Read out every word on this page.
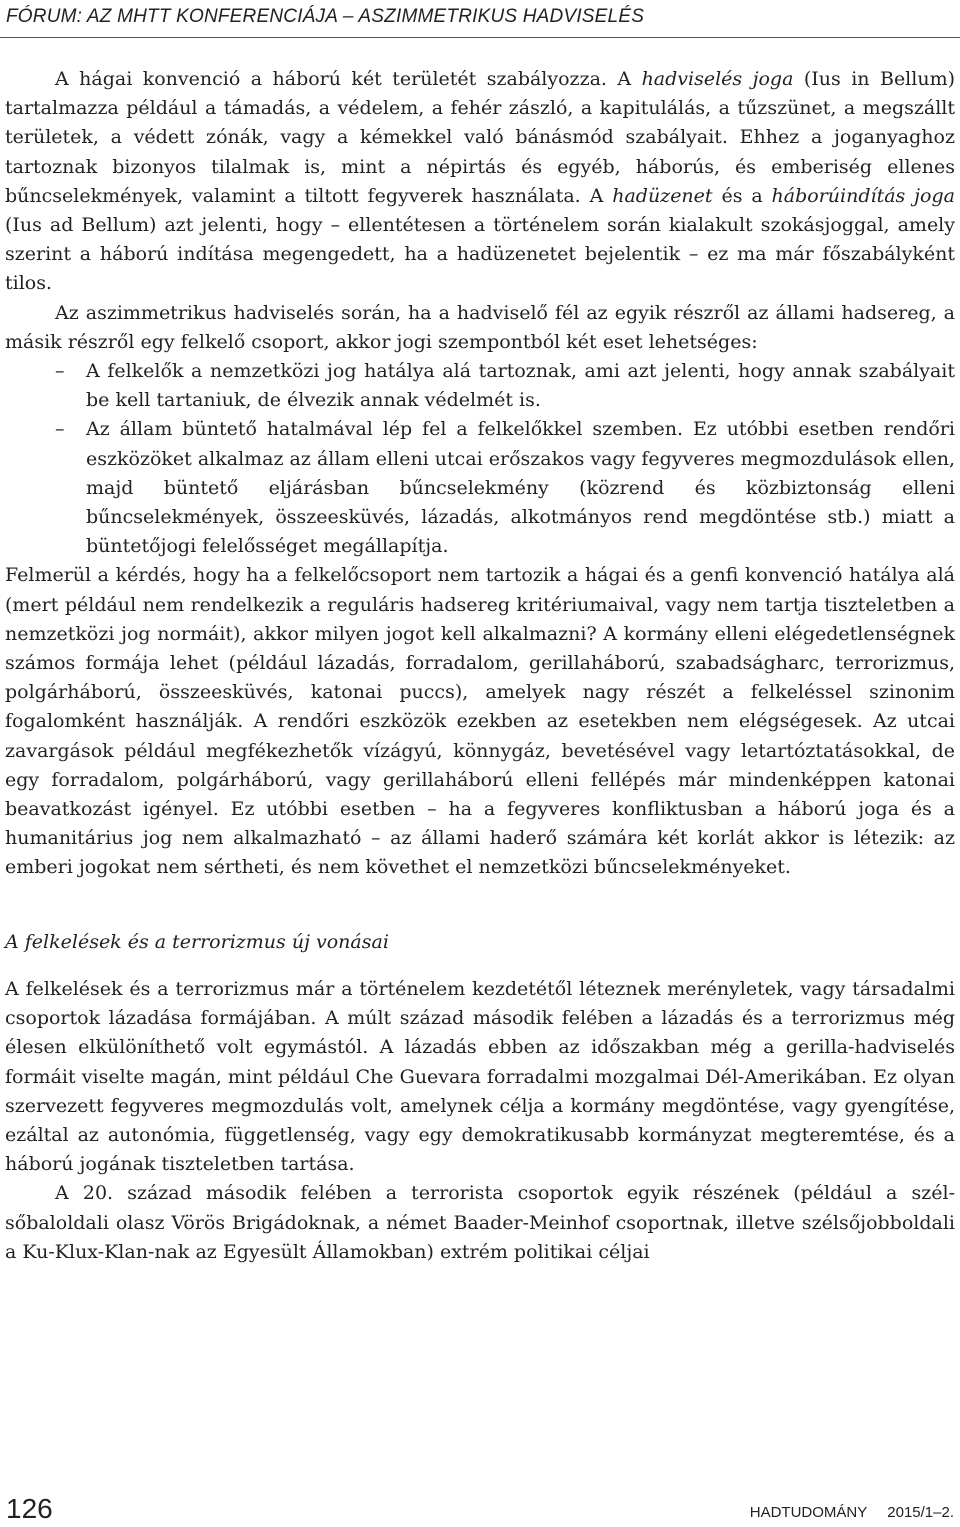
FÓRUM: AZ MHTT KONFERENCIÁJA – ASZIMMETRIKUS HADVISELÉS

A hágai konvenció a háború két területét szabályozza. A hadviselés joga (Ius in Bellum) tartalmazza például a támadás, a védelem, a fehér zászló, a kapitulálás, a tűzszünet, a megszállt területek, a védett zónák, vagy a kémekkel való bánásmód szabályait. Ehhez a joganyaghoz tartoznak bizonyos tilalmak is, mint a népirtás és egyéb, háborús, és emberiség ellenes bűncselekmények, valamint a tiltott fegyverek használata. A hadüzenet és a háborúindítás joga (Ius ad Bellum) azt jelenti, hogy – ellentétesen a történelem során kialakult szokásjoggal, amely szerint a háború indítása megengedett, ha a hadüzenetet bejelentik – ez ma már főszabályként tilos.

Az aszimmetrikus hadviselés során, ha a hadviselő fél az egyik részről az állami hadsereg, a másik részről egy felkelő csoport, akkor jogi szempontból két eset lehetséges:

– A felkelők a nemzetközi jog hatálya alá tartoznak, ami azt jelenti, hogy annak szabályait be kell tartaniuk, de élvezik annak védelmét is.
– Az állam büntető hatalmával lép fel a felkelőkkel szemben. Ez utóbbi esetben rendőri eszközöket alkalmaz az állam elleni utcai erőszakos vagy fegyveres megmozdulások ellen, majd büntető eljárásban bűncselekmény (közrend és közbiztonság elleni bűncselekmények, összeesküvés, lázadás, alkotmányos rend megdöntése stb.) miatt a büntetőjogi felelősséget megállapítja.

Felmerül a kérdés, hogy ha a felkelőcsoport nem tartozik a hágai és a genfi konvenció hatálya alá (mert például nem rendelkezik a reguláris hadsereg kritériumaival, vagy nem tartja tiszteletben a nemzetközi jog normáit), akkor milyen jogot kell alkalmazni? A kormány elleni elégedetlenségnek számos formája lehet (például lázadás, forradalom, gerillaháború, szabadságharc, terrorizmus, polgárháború, összeesküvés, katonai puccs), amelyek nagy részét a felkeléssel szinonim fogalomként használják. A rendőri eszközök ezekben az esetekben nem elégségesek. Az utcai zavargások például megfékezhetők vízágyú, könnygáz, bevetésével vagy letartóztatásokkal, de egy forradalom, polgárháború, vagy gerillaháború elleni fellépés már mindenképpen katonai beavatkozást igényel. Ez utóbbi esetben – ha a fegyveres konfliktusban a háború joga és a humanitárius jog nem alkalmazható – az állami haderő számára két korlát akkor is létezik: az emberi jogokat nem sértheti, és nem követhet el nemzetközi bűncselekményeket.

A felkelések és a terrorizmus új vonásai

A felkelések és a terrorizmus már a történelem kezdetétől léteznek merényletek, vagy társadalmi csoportok lázadása formájában. A múlt század második felében a lázadás és a terrorizmus még élesen elkülöníthető volt egymástól. A lázadás ebben az időszakban még a gerilla-hadviselés formáit viselte magán, mint például Che Guevara forradalmi mozgalmai Dél-Amerikában. Ez olyan szervezett fegyveres megmozdulás volt, amelynek célja a kormány megdöntése, vagy gyengítése, ezáltal az autonómia, függetlenség, vagy egy demokratikusabb kormányzat megteremtése, és a háború jogának tiszteletben tartása.

A 20. század második felében a terrorista csoportok egyik részének (például a szélsőbaloldali olasz Vörös Brigádoknak, a német Baader-Meinhof csoportnak, illetve szélsőjobboldali a Ku-Klux-Klan-nak az Egyesült Államokban) extrém politikai céljai

126	HADTUDOMÁNY 2015/1–2.
